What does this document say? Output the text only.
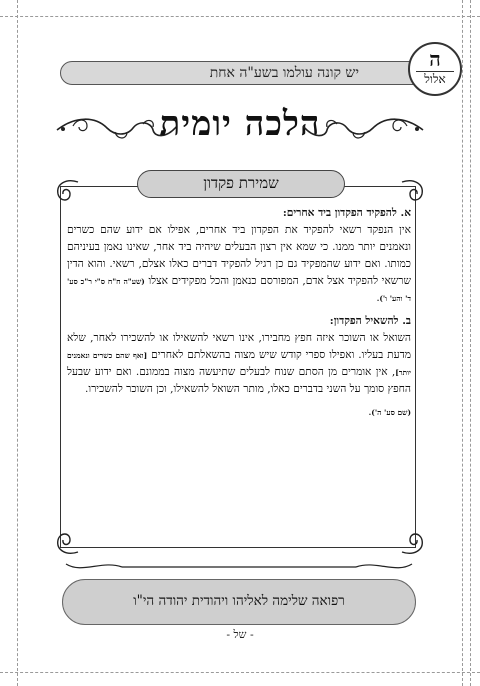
יש קונה עולמו בשע"ה אחת
ה
אלול
הלכה יומית
שמירת פקדון

א. להפקיד הפקדון ביד אחרים:

אין הנפקד רשאי להפקיד את הפקדון ביד אחרים, אפילו אם ידוע שהם כשרים ונאמנים יותר ממנו. כי שמא אין רצון הבעלים שיהיה ביד אחר, שאינו נאמן בעיניהם כמותו. ואם ידוע שהמפקיד גם כן רגיל להפקיד דברים כאלו אצלם, רשאי. והוא הדין שרשאי להפקיד אצל אדם, המפורסם כנאמן והכל מפקידים אצלו (שע"ה ח"ח ס"י ר"כ סע' ד' והע' ו').

ב. להשאיל הפקדון:

השואל או השוכר איזה חפץ מחבירו, אינו רשאי להשאילו או להשכירו לאחר, שלא מדעת בעליו. ואפילו ספרי קודש שיש מצוה בהשאלתם לאחרים [ואף שהם כשרים ונאמנים יותר], אין אומרים מן הסתם שנוח לבעלים שתיעשה מצוה בממונם. ואם ידוע שבעל החפץ סומך על השני בדברים כאלו, מותר השואל להשאילו, וכן השוכר להשכירו.

(שם סע' ה').

רפואה שלימה לאליהו ויהודית יהודה הי"ו
- של -
